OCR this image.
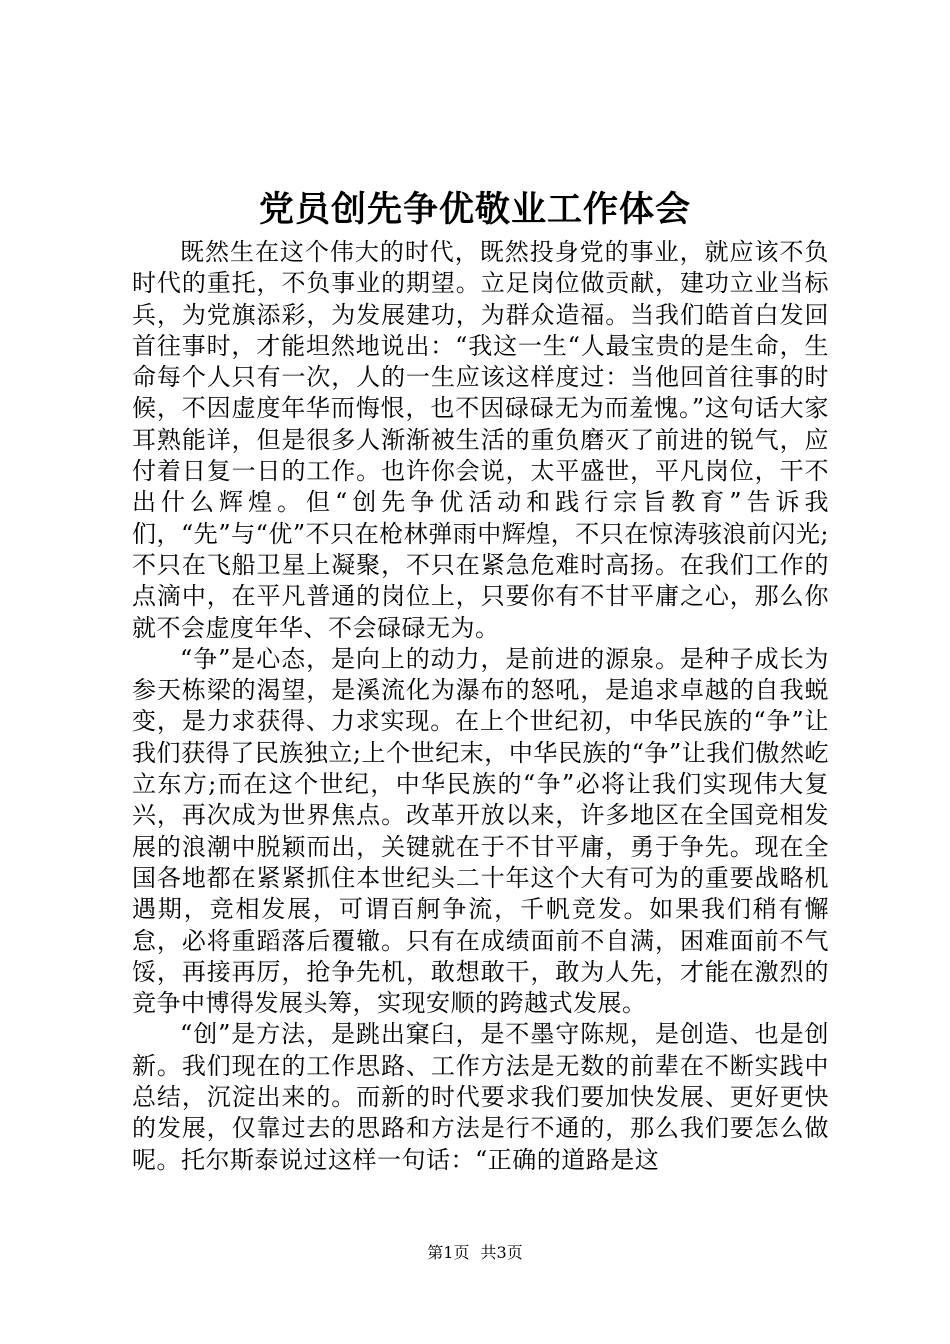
党员创先争优敬业工作体会

既然生在这个伟大的时代，既然投身党的事业，就应该不负时代的重托，不负事业的期望。立足岗位做贡献，建功立业当标兵，为党旗添彩，为发展建功，为群众造福。当我们皓首白发回首往事时，才能坦然地说出：“我这一生“人最宝贵的是生命，生命每个人只有一次，人的一生应该这样度过：当他回首往事的时候，不因虚度年华而悔恨，也不因碌碌无为而羞愧。”这句话大家耳熟能详，但是很多人渐渐被生活的重负磨灭了前进的锐气，应付着日复一日的工作。也许你会说，太平盛世，平凡岗位，干不出什么辉煌。但“创先争优活动和践行宗旨教育”告诉我们，“先”与“优”不只在枪林弹雨中辉煌，不只在惊涛骇浪前闪光;不只在飞船卫星上凝聚，不只在紧急危难时高扬。在我们工作的点滴中，在平凡普通的岗位上，只要你有不甘平庸之心，那么你就不会虚度年华、不会碌碌无为。

“争”是心态，是向上的动力，是前进的源泉。是种子成长为参天栋梁的渴望，是溪流化为瀑布的怒吼，是追求卓越的自我蜕变，是力求获得、力求实现。在上个世纪初，中华民族的“争”让我们获得了民族独立;上个世纪末，中华民族的“争”让我们傲然屹立东方;而在这个世纪，中华民族的“争”必将让我们实现伟大复兴，再次成为世界焦点。改革开放以来，许多地区在全国竞相发展的浪潮中脱颖而出，关键就在于不甘平庸，勇于争先。现在全国各地都在紧紧抓住本世纪头二十年这个大有可为的重要战略机遇期，竞相发展，可谓百舸争流，千帆竞发。如果我们稍有懈怠，必将重蹈落后覆辙。只有在成绩面前不自满，困难面前不气馁，再接再厉，抢争先机，敢想敢干，敢为人先，才能在激烈的竞争中博得发展头筹，实现安顺的跨越式发展。

“创”是方法，是跳出窠臼，是不墨守陈规，是创造、也是创新。我们现在的工作思路、工作方法是无数的前辈在不断实践中总结，沉淀出来的。而新的时代要求我们要加快发展、更好更快的发展，仅靠过去的思路和方法是行不通的，那么我们要怎么做呢。托尔斯泰说过这样一句话：“正确的道路是这

第1页 共3页
